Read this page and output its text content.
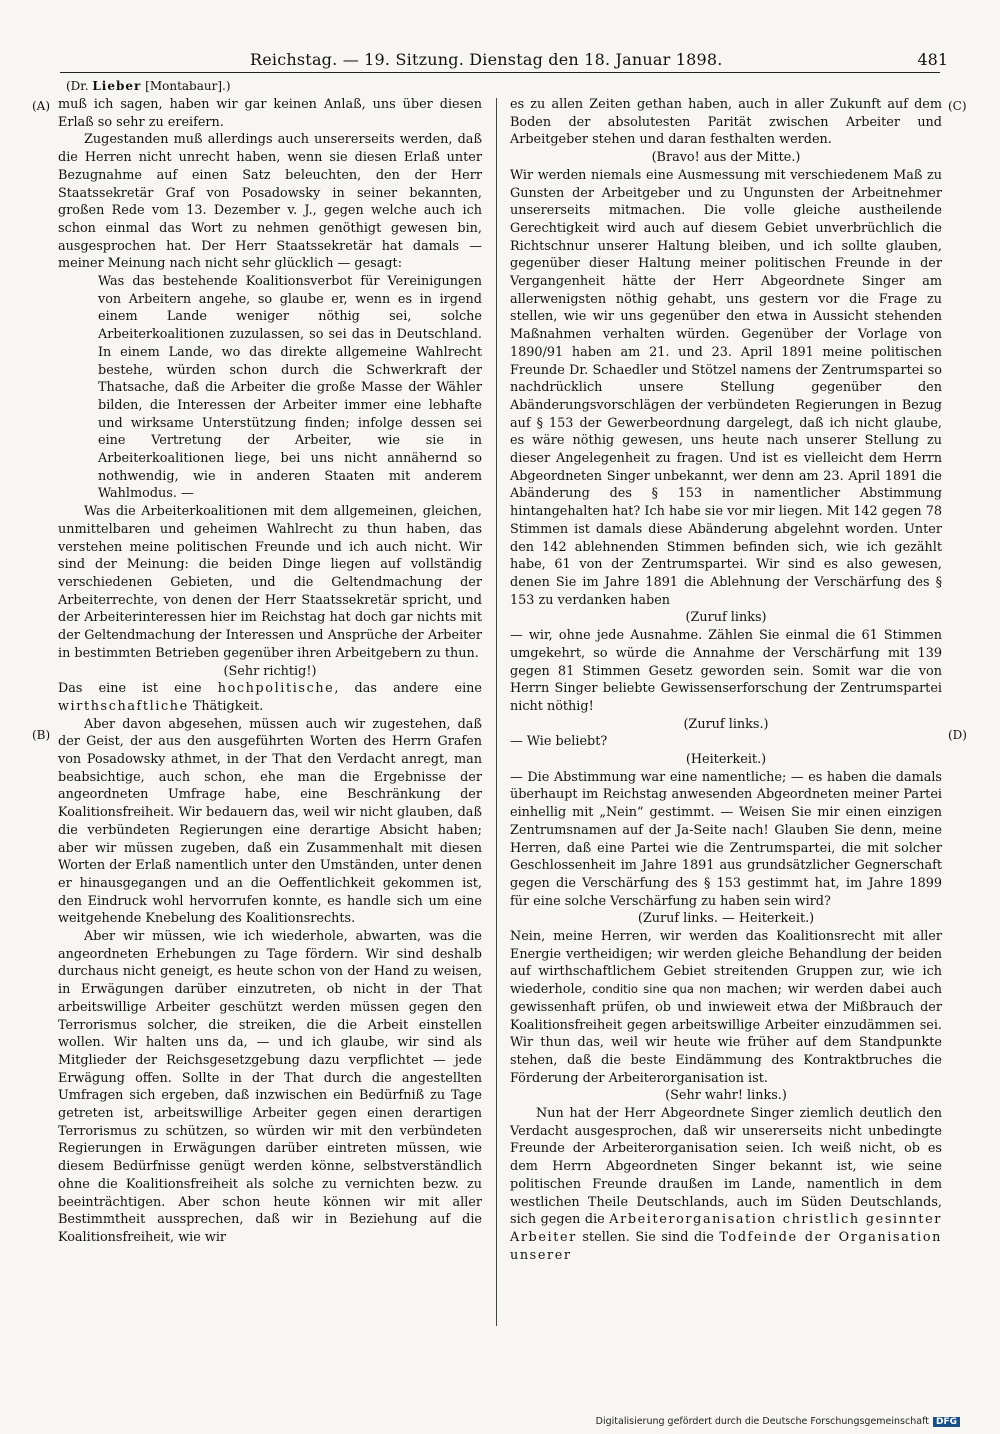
Reichstag. — 19. Sitzung. Dienstag den 18. Januar 1898.	481
(Dr. Lieber [Montabaur].)
(A)
(B)
(C)
(D)

muß ich sagen, haben wir gar keinen Anlaß, uns über diesen Erlaß so sehr zu ereifern.

Zugestanden muß allerdings auch unsererseits werden, daß die Herren nicht unrecht haben, wenn sie diesen Erlaß unter Bezugnahme auf einen Satz beleuchten, den der Herr Staatssekretär Graf von Posadowsky in seiner bekannten, großen Rede vom 13. Dezember v. J., gegen welche auch ich schon einmal das Wort zu nehmen genöthigt gewesen bin, ausgesprochen hat. Der Herr Staatssekretär hat damals — meiner Meinung nach nicht sehr glücklich — gesagt:

Was das bestehende Koalitionsverbot für Vereinigungen von Arbeitern angehe, so glaube er, wenn es in irgend einem Lande weniger nöthig sei, solche Arbeiterkoalitionen zuzulassen, so sei das in Deutschland. In einem Lande, wo das direkte allgemeine Wahlrecht bestehe, würden schon durch die Schwerkraft der Thatsache, daß die Arbeiter die große Masse der Wähler bilden, die Interessen der Arbeiter immer eine lebhafte und wirksame Unterstützung finden; infolge dessen sei eine Vertretung der Arbeiter, wie sie in Arbeiterkoalitionen liege, bei uns nicht annähernd so nothwendig, wie in anderen Staaten mit anderem Wahlmodus. —

Was die Arbeiterkoalitionen mit dem allgemeinen, gleichen, unmittelbaren und geheimen Wahlrecht zu thun haben, das verstehen meine politischen Freunde und ich auch nicht. Wir sind der Meinung: die beiden Dinge liegen auf vollständig verschiedenen Gebieten, und die Geltendmachung der Arbeiterrechte, von denen der Herr Staatssekretär spricht, und der Arbeiterinteressen hier im Reichstag hat doch gar nichts mit der Geltendmachung der Interessen und Ansprüche der Arbeiter in bestimmten Betrieben gegenüber ihren Arbeitgebern zu thun.

(Sehr richtig!)

Das eine ist eine hochpolitische, das andere eine wirthschaftliche Thätigkeit.

Aber davon abgesehen, müssen auch wir zugestehen, daß der Geist, der aus den ausgeführten Worten des Herrn Grafen von Posadowsky athmet, in der That den Verdacht anregt, man beabsichtige, auch schon, ehe man die Ergebnisse der angeordneten Umfrage habe, eine Beschränkung der Koalitionsfreiheit. Wir bedauern das, weil wir nicht glauben, daß die verbündeten Regierungen eine derartige Absicht haben; aber wir müssen zugeben, daß ein Zusammenhalt mit diesen Worten der Erlaß namentlich unter den Umständen, unter denen er hinausgegangen und an die Oeffentlichkeit gekommen ist, den Eindruck wohl hervorrufen konnte, es handle sich um eine weitgehende Knebelung des Koalitionsrechts.

Aber wir müssen, wie ich wiederhole, abwarten, was die angeordneten Erhebungen zu Tage fördern. Wir sind deshalb durchaus nicht geneigt, es heute schon von der Hand zu weisen, in Erwägungen darüber einzutreten, ob nicht in der That arbeitswillige Arbeiter geschützt werden müssen gegen den Terrorismus solcher, die streiken, die die Arbeit einstellen wollen. Wir halten uns da, — und ich glaube, wir sind als Mitglieder der Reichsgesetzgebung dazu verpflichtet — jede Erwägung offen. Sollte in der That durch die angestellten Umfragen sich ergeben, daß inzwischen ein Bedürfniß zu Tage getreten ist, arbeitswillige Arbeiter gegen einen derartigen Terrorismus zu schützen, so würden wir mit den verbündeten Regierungen in Erwägungen darüber eintreten müssen, wie diesem Bedürfnisse genügt werden könne, selbstverständlich ohne die Koalitionsfreiheit als solche zu vernichten bezw. zu beeinträchtigen. Aber schon heute können wir mit aller Bestimmtheit aussprechen, daß wir in Beziehung auf die Koalitionsfreiheit, wie wir

es zu allen Zeiten gethan haben, auch in aller Zukunft auf dem Boden der absolutesten Parität zwischen Arbeiter und Arbeitgeber stehen und daran festhalten werden.

(Bravo! aus der Mitte.)

Wir werden niemals eine Ausmessung mit verschiedenem Maß zu Gunsten der Arbeitgeber und zu Ungunsten der Arbeitnehmer unsererseits mitmachen. Die volle gleiche austheilende Gerechtigkeit wird auch auf diesem Gebiet unverbrüchlich die Richtschnur unserer Haltung bleiben, und ich sollte glauben, gegenüber dieser Haltung meiner politischen Freunde in der Vergangenheit hätte der Herr Abgeordnete Singer am allerwenigsten nöthig gehabt, uns gestern vor die Frage zu stellen, wie wir uns gegenüber den etwa in Aussicht stehenden Maßnahmen verhalten würden. Gegenüber der Vorlage von 1890/91 haben am 21. und 23. April 1891 meine politischen Freunde Dr. Schaedler und Stötzel namens der Zentrumspartei so nachdrücklich unsere Stellung gegenüber den Abänderungsvorschlägen der verbündeten Regierungen in Bezug auf § 153 der Gewerbeordnung dargelegt, daß ich nicht glaube, es wäre nöthig gewesen, uns heute nach unserer Stellung zu dieser Angelegenheit zu fragen. Und ist es vielleicht dem Herrn Abgeordneten Singer unbekannt, wer denn am 23. April 1891 die Abänderung des § 153 in namentlicher Abstimmung hintangehalten hat? Ich habe sie vor mir liegen. Mit 142 gegen 78 Stimmen ist damals diese Abänderung abgelehnt worden. Unter den 142 ablehnenden Stimmen befinden sich, wie ich gezählt habe, 61 von der Zentrumspartei. Wir sind es also gewesen, denen Sie im Jahre 1891 die Ablehnung der Verschärfung des § 153 zu verdanken haben

(Zuruf links)

— wir, ohne jede Ausnahme. Zählen Sie einmal die 61 Stimmen umgekehrt, so würde die Annahme der Verschärfung mit 139 gegen 81 Stimmen Gesetz geworden sein. Somit war die von Herrn Singer beliebte Gewissenserforschung der Zentrumspartei nicht nöthig!

(Zuruf links.)

— Wie beliebt?

(Heiterkeit.)

— Die Abstimmung war eine namentliche; — es haben die damals überhaupt im Reichstag anwesenden Abgeordneten meiner Partei einhellig mit „Nein“ gestimmt. — Weisen Sie mir einen einzigen Zentrumsnamen auf der Ja-Seite nach! Glauben Sie denn, meine Herren, daß eine Partei wie die Zentrumspartei, die mit solcher Geschlossenheit im Jahre 1891 aus grundsätzlicher Gegnerschaft gegen die Verschärfung des § 153 gestimmt hat, im Jahre 1899 für eine solche Verschärfung zu haben sein wird?

(Zuruf links. — Heiterkeit.)

Nein, meine Herren, wir werden das Koalitionsrecht mit aller Energie vertheidigen; wir werden gleiche Behandlung der beiden auf wirthschaftlichem Gebiet streitenden Gruppen zur, wie ich wiederhole, conditio sine qua non machen; wir werden dabei auch gewissenhaft prüfen, ob und inwieweit etwa der Mißbrauch der Koalitionsfreiheit gegen arbeitswillige Arbeiter einzudämmen sei. Wir thun das, weil wir heute wie früher auf dem Standpunkte stehen, daß die beste Eindämmung des Kontraktbruches die Förderung der Arbeiterorganisation ist.

(Sehr wahr! links.)

Nun hat der Herr Abgeordnete Singer ziemlich deutlich den Verdacht ausgesprochen, daß wir unsererseits nicht unbedingte Freunde der Arbeiterorganisation seien. Ich weiß nicht, ob es dem Herrn Abgeordneten Singer bekannt ist, wie seine politischen Freunde draußen im Lande, namentlich in dem westlichen Theile Deutschlands, auch im Süden Deutschlands, sich gegen die Arbeiterorganisation christlich gesinnter Arbeiter stellen. Sie sind die Todfeinde der Organisation unserer

Digitalisierung gefördert durch die Deutsche Forschungsgemeinschaft DFG
